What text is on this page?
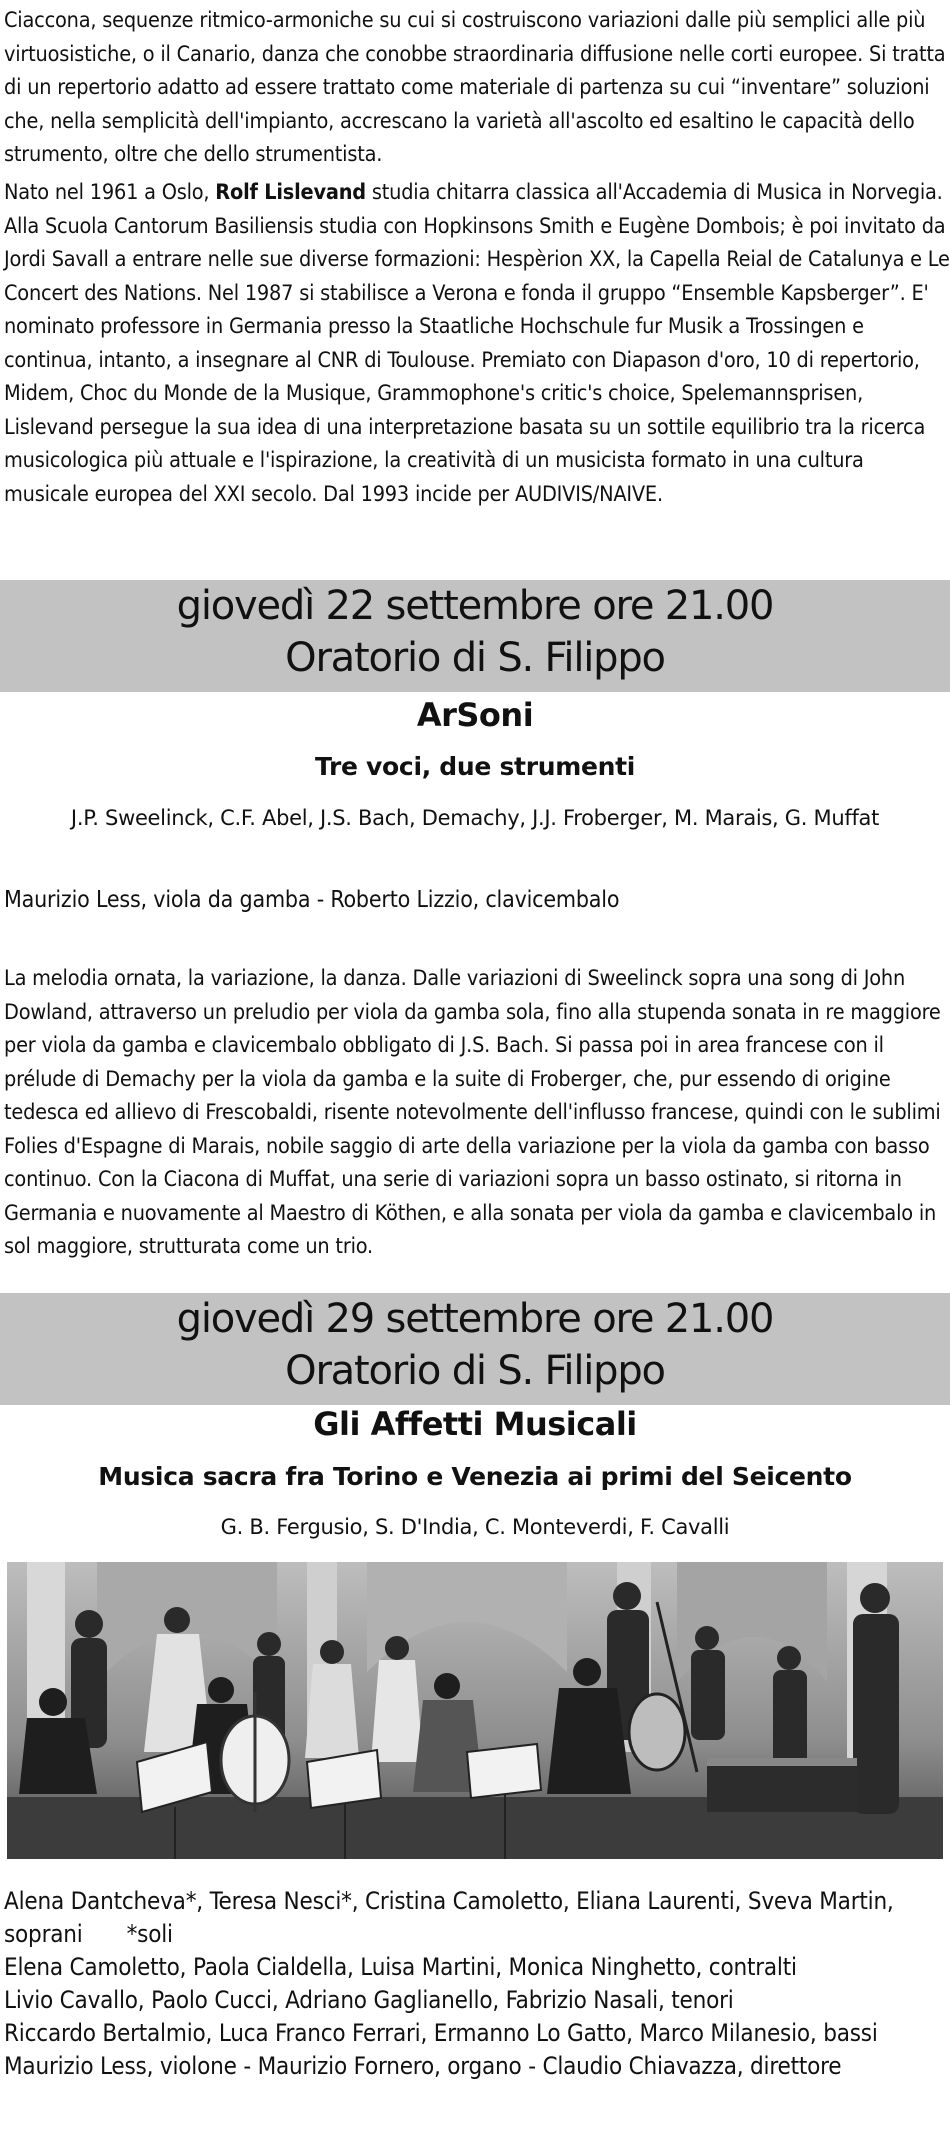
Ciaccona, sequenze ritmico-armoniche su cui si costruiscono variazioni dalle più semplici alle più virtuosistiche, o il Canario, danza che conobbe straordinaria diffusione nelle corti europee. Si tratta di un repertorio adatto ad essere trattato come materiale di partenza su cui “inventare” soluzioni che, nella semplicità dell'impianto, accrescano la varietà all'ascolto ed esaltino le capacità dello strumento, oltre che dello strumentista.

Nato nel 1961 a Oslo, Rolf Lislevand studia chitarra classica all'Accademia di Musica in Norvegia. Alla Scuola Cantorum Basiliensis studia con Hopkinsons Smith e Eugène Dombois; è poi invitato da Jordi Savall a entrare nelle sue diverse formazioni: Hespèrion XX, la Capella Reial de Catalunya e Le Concert des Nations. Nel 1987 si stabilisce a Verona e fonda il gruppo “Ensemble Kapsberger”. E' nominato professore in Germania presso la Staatliche Hochschule fur Musik a Trossingen e continua, intanto, a insegnare al CNR di Toulouse. Premiato con Diapason d'oro, 10 di repertorio, Midem, Choc du Monde de la Musique, Grammophone's critic's choice, Spelemannsprisen, Lislevand persegue la sua idea di una interpretazione basata su un sottile equilibrio tra la ricerca musicologica più attuale e l'ispirazione, la creatività di un musicista formato in una cultura musicale europea del XXI secolo. Dal 1993 incide per AUDIVIS/NAIVE.

giovedì 22 settembre ore 21.00
Oratorio di S. Filippo
ArSoni
Tre voci, due strumenti
J.P. Sweelinck, C.F. Abel, J.S. Bach, Demachy, J.J. Froberger, M. Marais, G. Muffat

Maurizio Less, viola da gamba - Roberto Lizzio, clavicembalo

La melodia ornata, la variazione, la danza. Dalle variazioni di Sweelinck sopra una song di John Dowland, attraverso un preludio per viola da gamba sola, fino alla stupenda sonata in re maggiore per viola da gamba e clavicembalo obbligato di J.S. Bach. Si passa poi in area francese con il prélude di Demachy per la viola da gamba e la suite di Froberger, che, pur essendo di origine tedesca ed allievo di Frescobaldi, risente notevolmente dell'influsso francese, quindi con le sublimi Folies d'Espagne di Marais, nobile saggio di arte della variazione per la viola da gamba con basso continuo. Con la Ciacona di Muffat, una serie di variazioni sopra un basso ostinato, si ritorna in Germania e nuovamente al Maestro di Köthen, e alla sonata per viola da gamba e clavicembalo in sol maggiore, strutturata come un trio.

giovedì 29 settembre ore 21.00
Oratorio di S. Filippo
Gli Affetti Musicali
Musica sacra fra Torino e Venezia ai primi del Seicento
G. B. Fergusio, S. D'India, C. Monteverdi, F. Cavalli
Alena Dantcheva*, Teresa Nesci*, Cristina Camoletto, Eliana Laurenti, Sveva Martin,
soprani *soli
Elena Camoletto, Paola Cialdella, Luisa Martini, Monica Ninghetto, contralti
Livio Cavallo, Paolo Cucci, Adriano Gaglianello, Fabrizio Nasali, tenori
Riccardo Bertalmio, Luca Franco Ferrari, Ermanno Lo Gatto, Marco Milanesio, bassi
Maurizio Less, violone - Maurizio Fornero, organo - Claudio Chiavazza, direttore
